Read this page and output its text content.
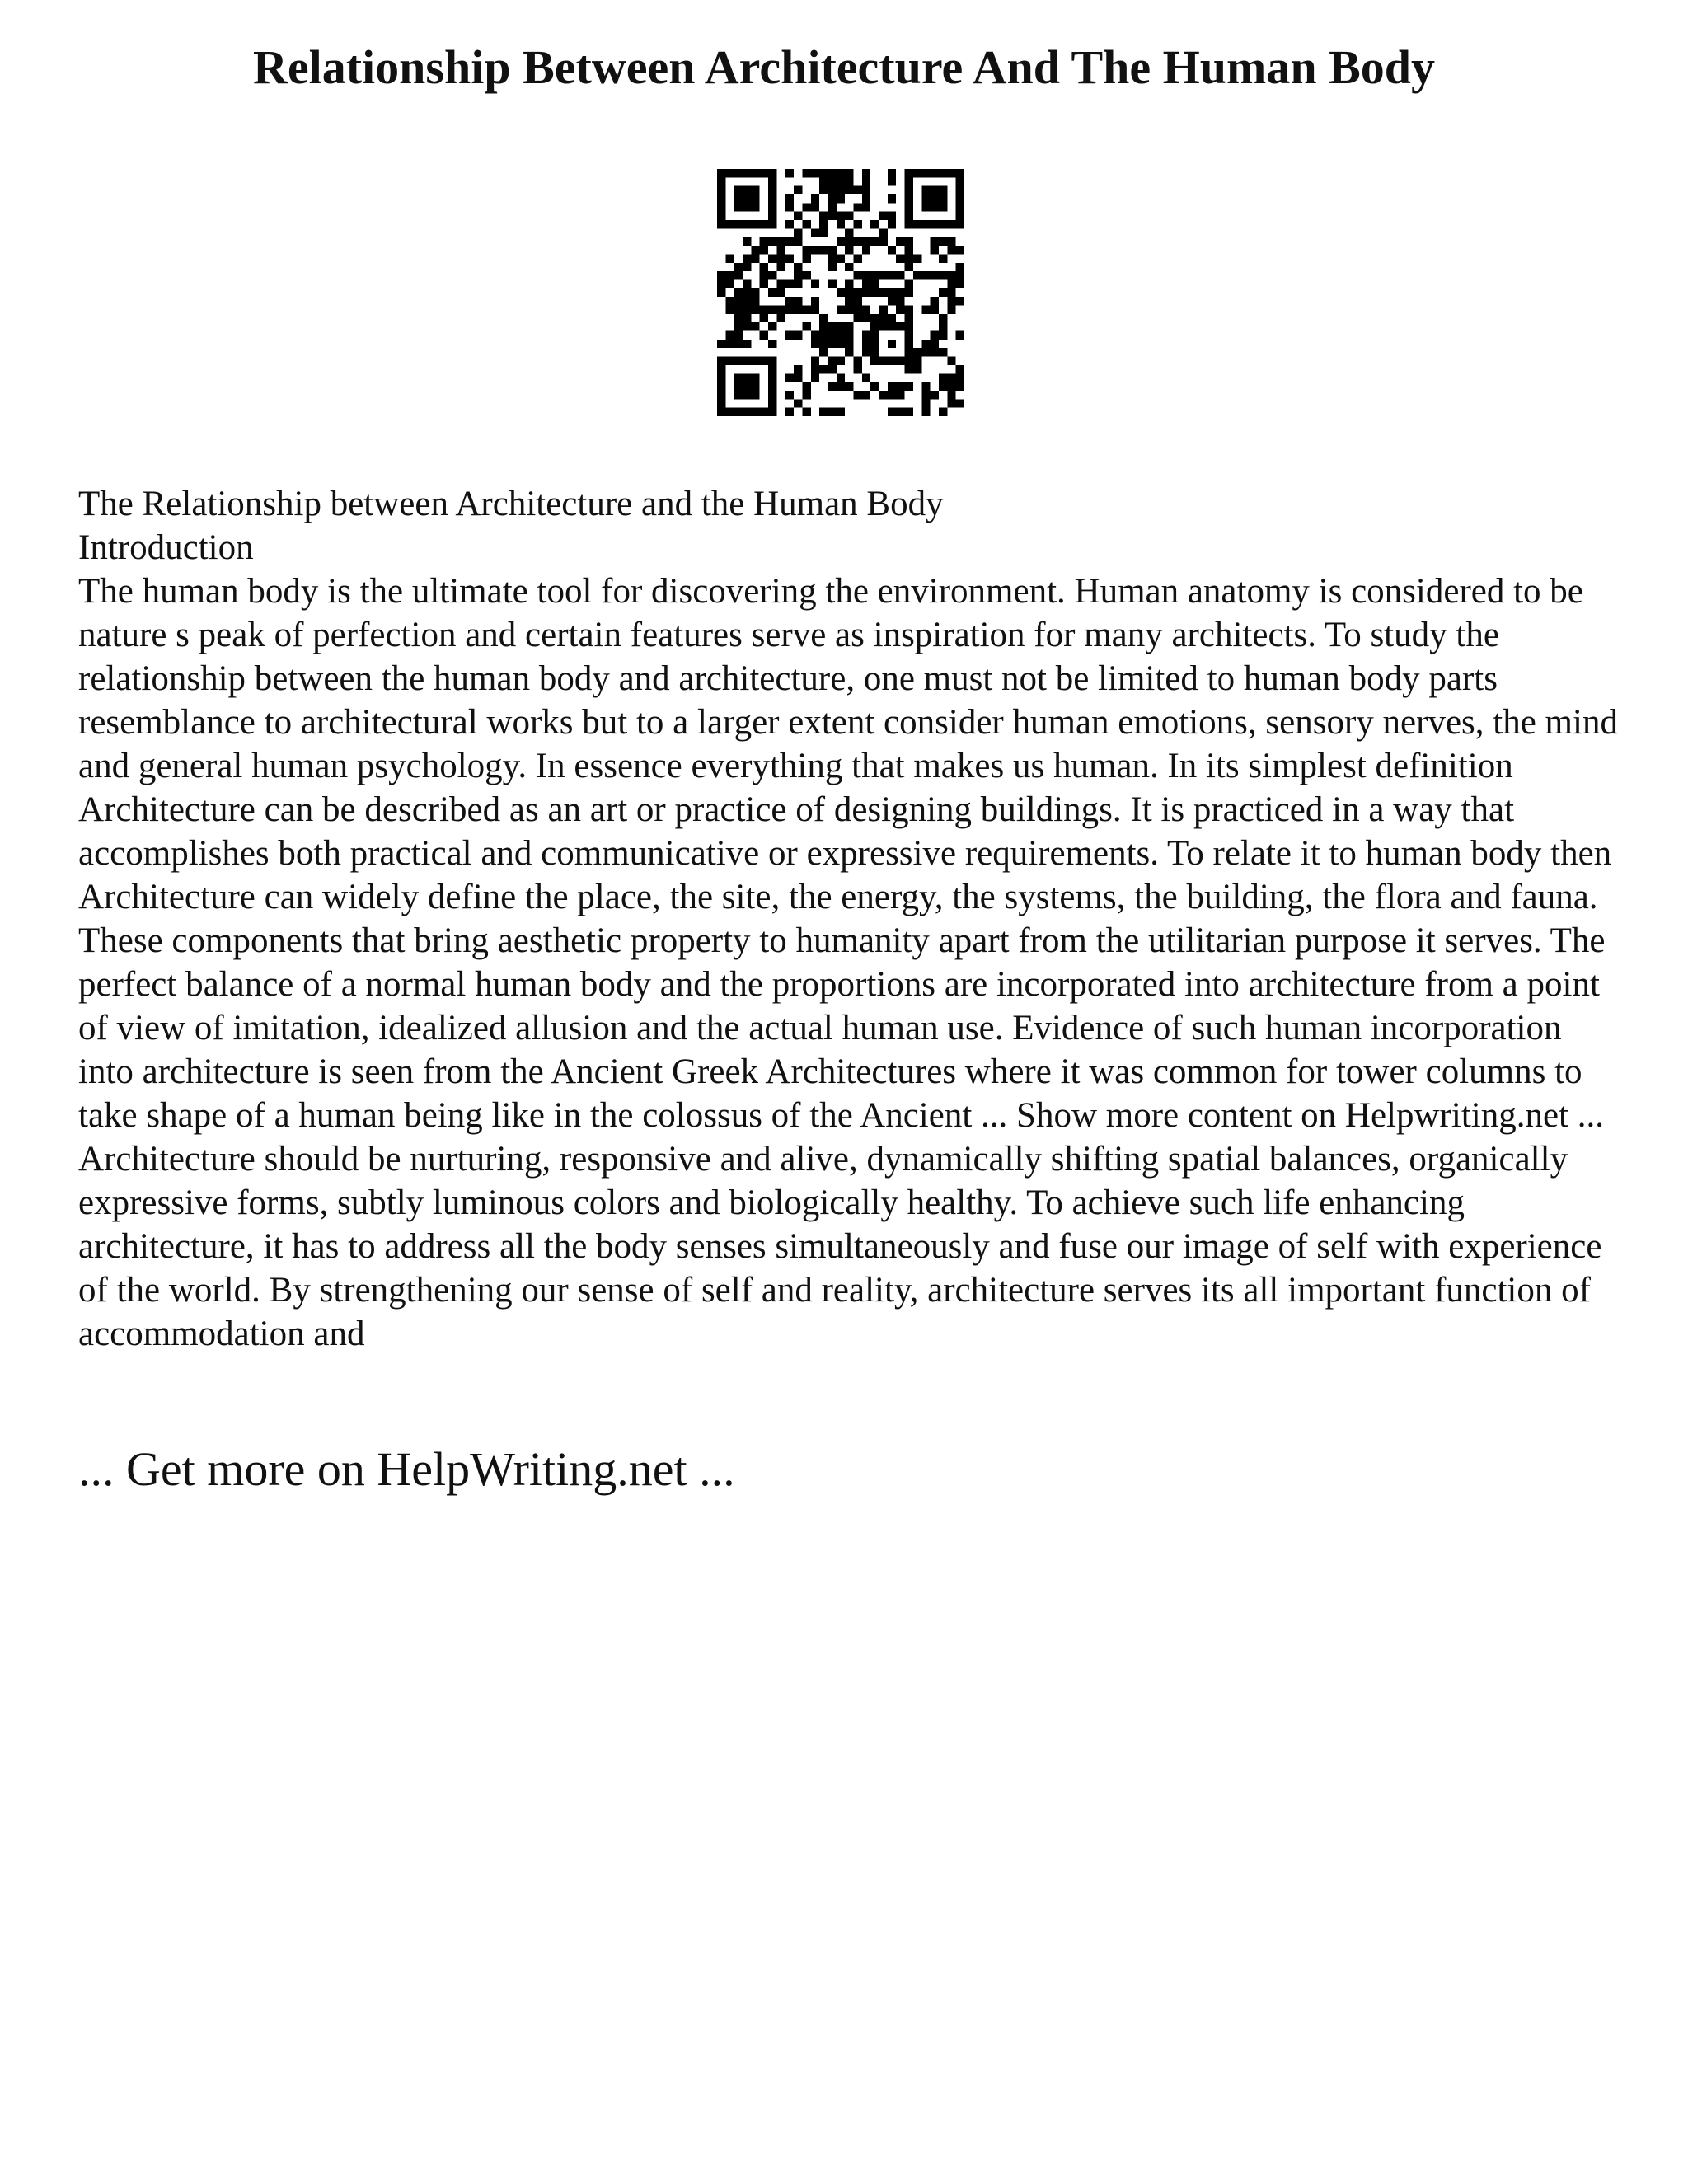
Relationship Between Architecture And The Human Body

The Relationship between Architecture and the Human Body

Introduction

The human body is the ultimate tool for discovering the environment. Human anatomy is considered to be nature s peak of perfection and certain features serve as inspiration for many architects. To study the relationship between the human body and architecture, one must not be limited to human body parts resemblance to architectural works but to a larger extent consider human emotions, sensory nerves, the mind and general human psychology. In essence everything that makes us human. In its simplest definition Architecture can be described as an art or practice of designing buildings. It is practiced in a way that accomplishes both practical and communicative or expressive requirements. To relate it to human body then Architecture can widely define the place, the site, the energy, the systems, the building, the flora and fauna. These components that bring aesthetic property to humanity apart from the utilitarian purpose it serves. The perfect balance of a normal human body and the proportions are incorporated into architecture from a point of view of imitation, idealized allusion and the actual human use. Evidence of such human incorporation into architecture is seen from the Ancient Greek Architectures where it was common for tower columns to take shape of a human being like in the colossus of the Ancient ... Show more content on Helpwriting.net ...

Architecture should be nurturing, responsive and alive, dynamically shifting spatial balances, organically expressive forms, subtly luminous colors and biologically healthy. To achieve such life enhancing architecture, it has to address all the body senses simultaneously and fuse our image of self with experience of the world. By strengthening our sense of self and reality, architecture serves its all important function of accommodation and

... Get more on HelpWriting.net ...
